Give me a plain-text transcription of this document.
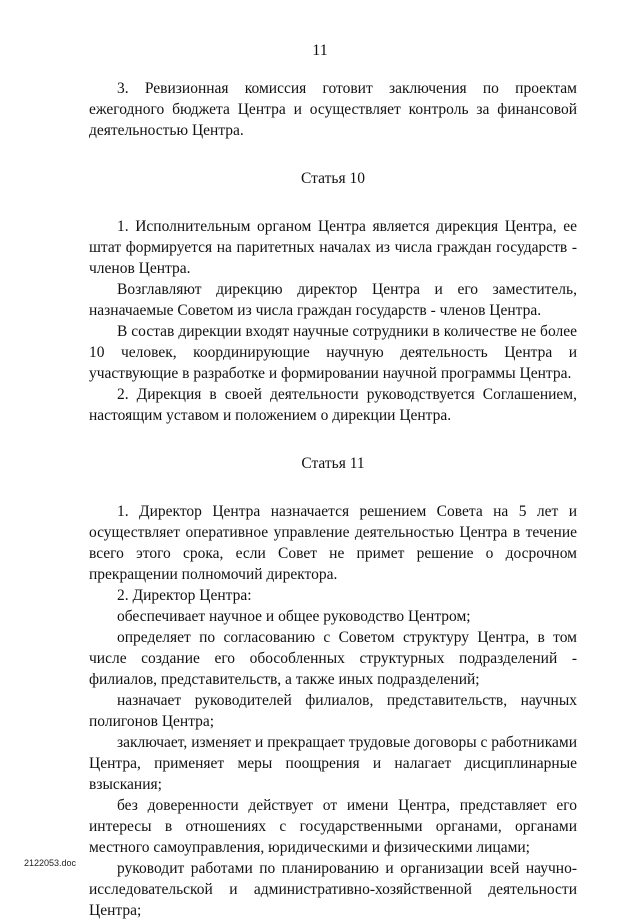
11

3. Ревизионная комиссия готовит заключения по проектам ежегодного бюджета Центра и осуществляет контроль за финансовой деятельностью Центра.

Статья 10

1. Исполнительным органом Центра является дирекция Центра, ее штат формируется на паритетных началах из числа граждан государств - членов Центра.

Возглавляют дирекцию директор Центра и его заместитель, назначаемые Советом из числа граждан государств - членов Центра.

В состав дирекции входят научные сотрудники в количестве не более 10 человек, координирующие научную деятельность Центра и участвующие в разработке и формировании научной программы Центра.

2. Дирекция в своей деятельности руководствуется Соглашением, настоящим уставом и положением о дирекции Центра.

Статья 11

1. Директор Центра назначается решением Совета на 5 лет и осуществляет оперативное управление деятельностью Центра в течение всего этого срока, если Совет не примет решение о досрочном прекращении полномочий директора.

2. Директор Центра:

обеспечивает научное и общее руководство Центром;

определяет по согласованию с Советом структуру Центра, в том числе создание его обособленных структурных подразделений - филиалов, представительств, а также иных подразделений;

назначает руководителей филиалов, представительств, научных полигонов Центра;

заключает, изменяет и прекращает трудовые договоры с работниками Центра, применяет меры поощрения и налагает дисциплинарные взыскания;

без доверенности действует от имени Центра, представляет его интересы в отношениях с государственными органами, органами местного самоуправления, юридическими и физическими лицами;

руководит работами по планированию и организации всей научно-исследовательской и административно-хозяйственной деятельности Центра;

2122053.doc
